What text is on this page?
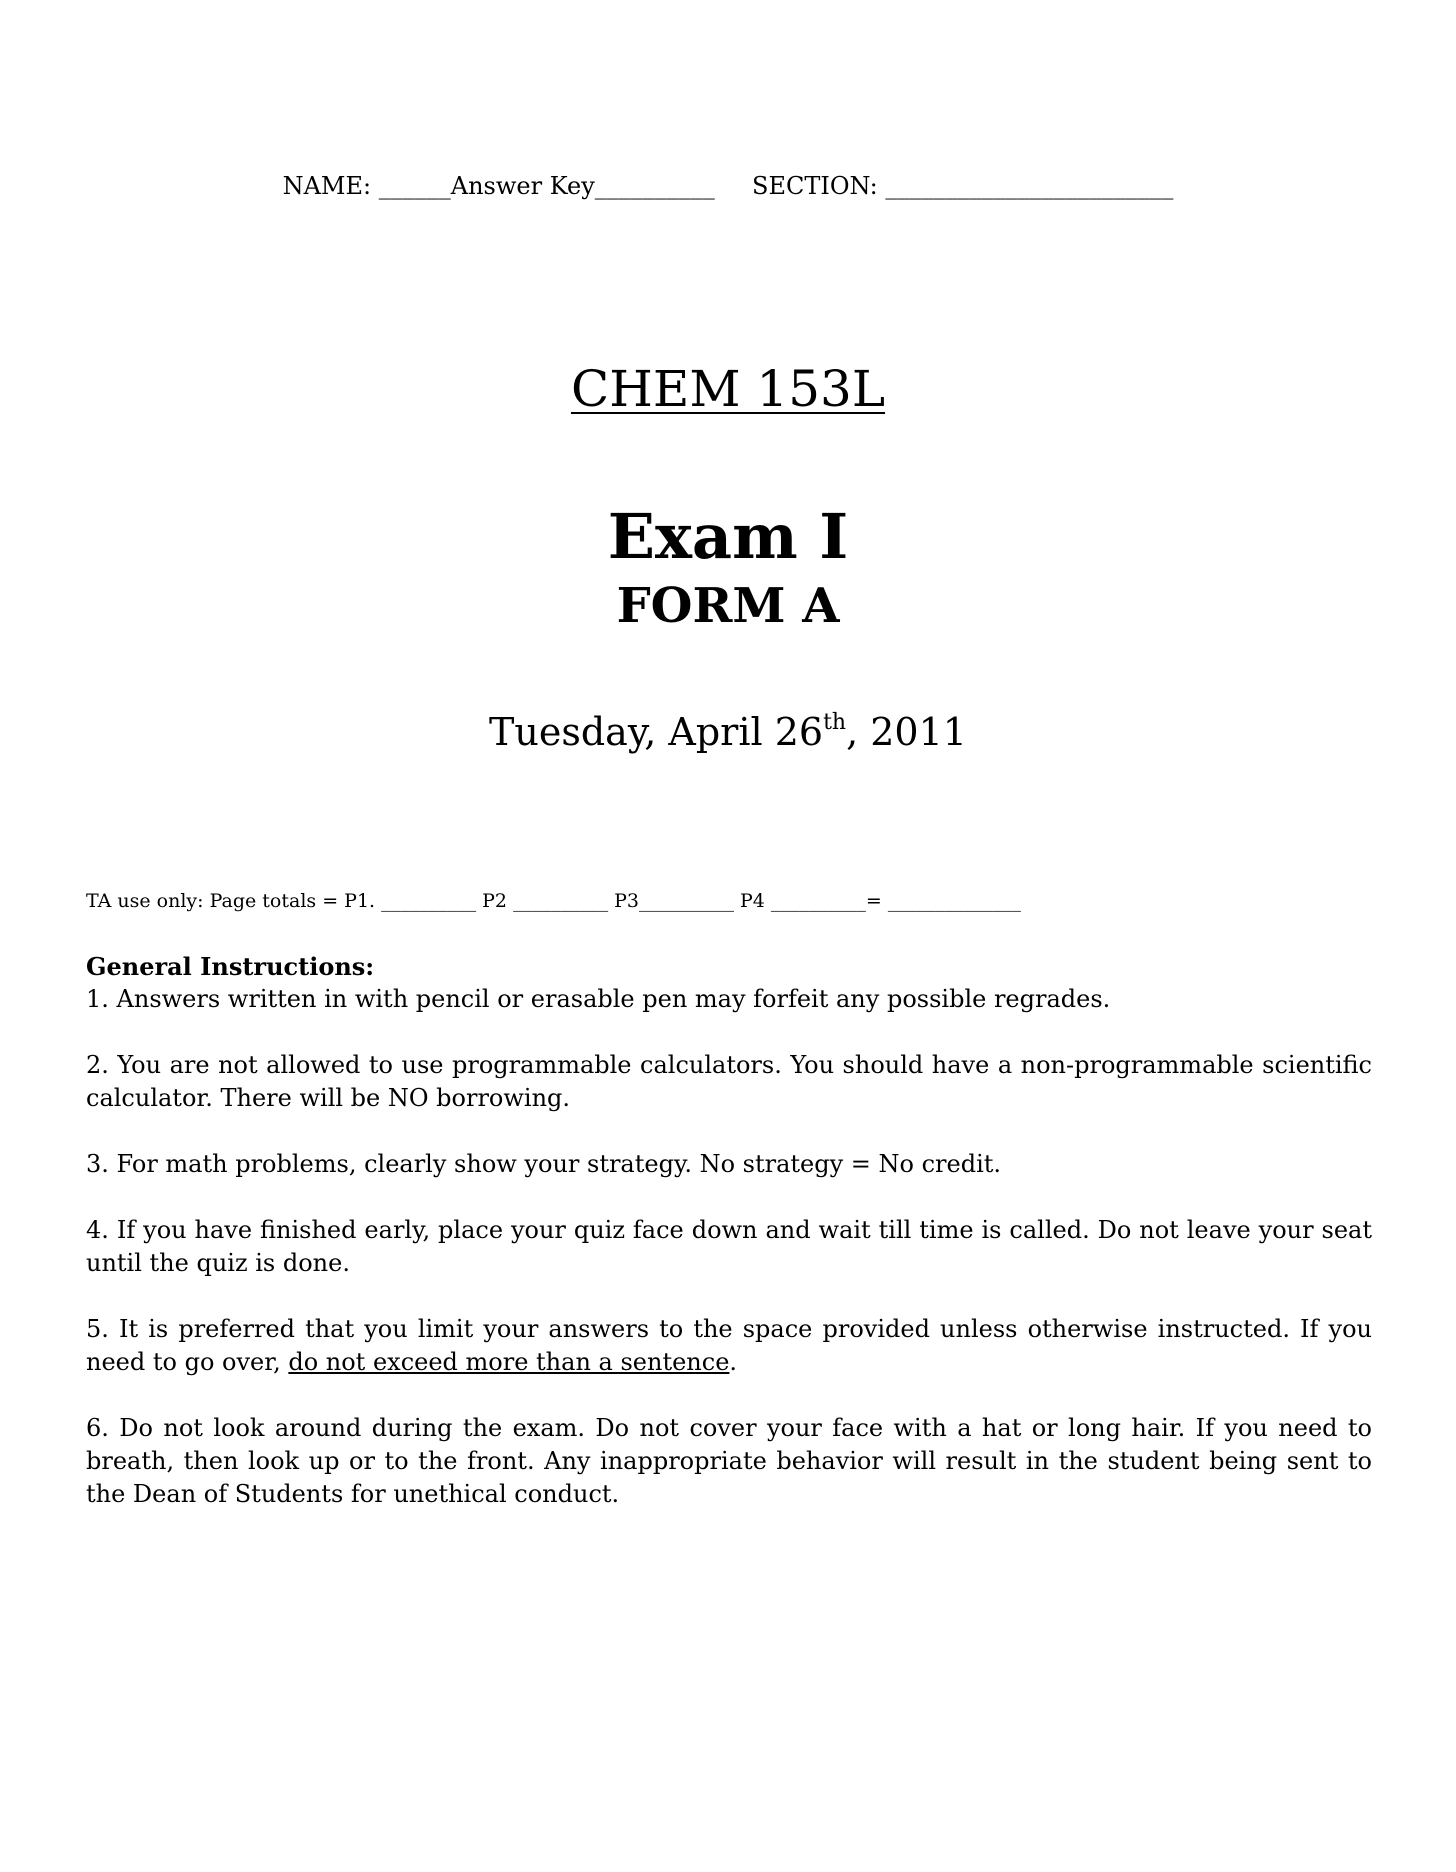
NAME: ______Answer Key__________ SECTION: ________________________
CHEM 153L
Exam I
FORM A
Tuesday, April 26th, 2011
TA use only: Page totals = P1. __________ P2 __________ P3__________ P4 __________= ______________
General Instructions:

1. Answers written in with pencil or erasable pen may forfeit any possible regrades.

2. You are not allowed to use programmable calculators. You should have a non-programmable scientific calculator. There will be NO borrowing.

3. For math problems, clearly show your strategy. No strategy = No credit.

4. If you have finished early, place your quiz face down and wait till time is called. Do not leave your seat until the quiz is done.

5. It is preferred that you limit your answers to the space provided unless otherwise instructed. If you need to go over, do not exceed more than a sentence.

6. Do not look around during the exam. Do not cover your face with a hat or long hair. If you need to breath, then look up or to the front. Any inappropriate behavior will result in the student being sent to the Dean of Students for unethical conduct.
